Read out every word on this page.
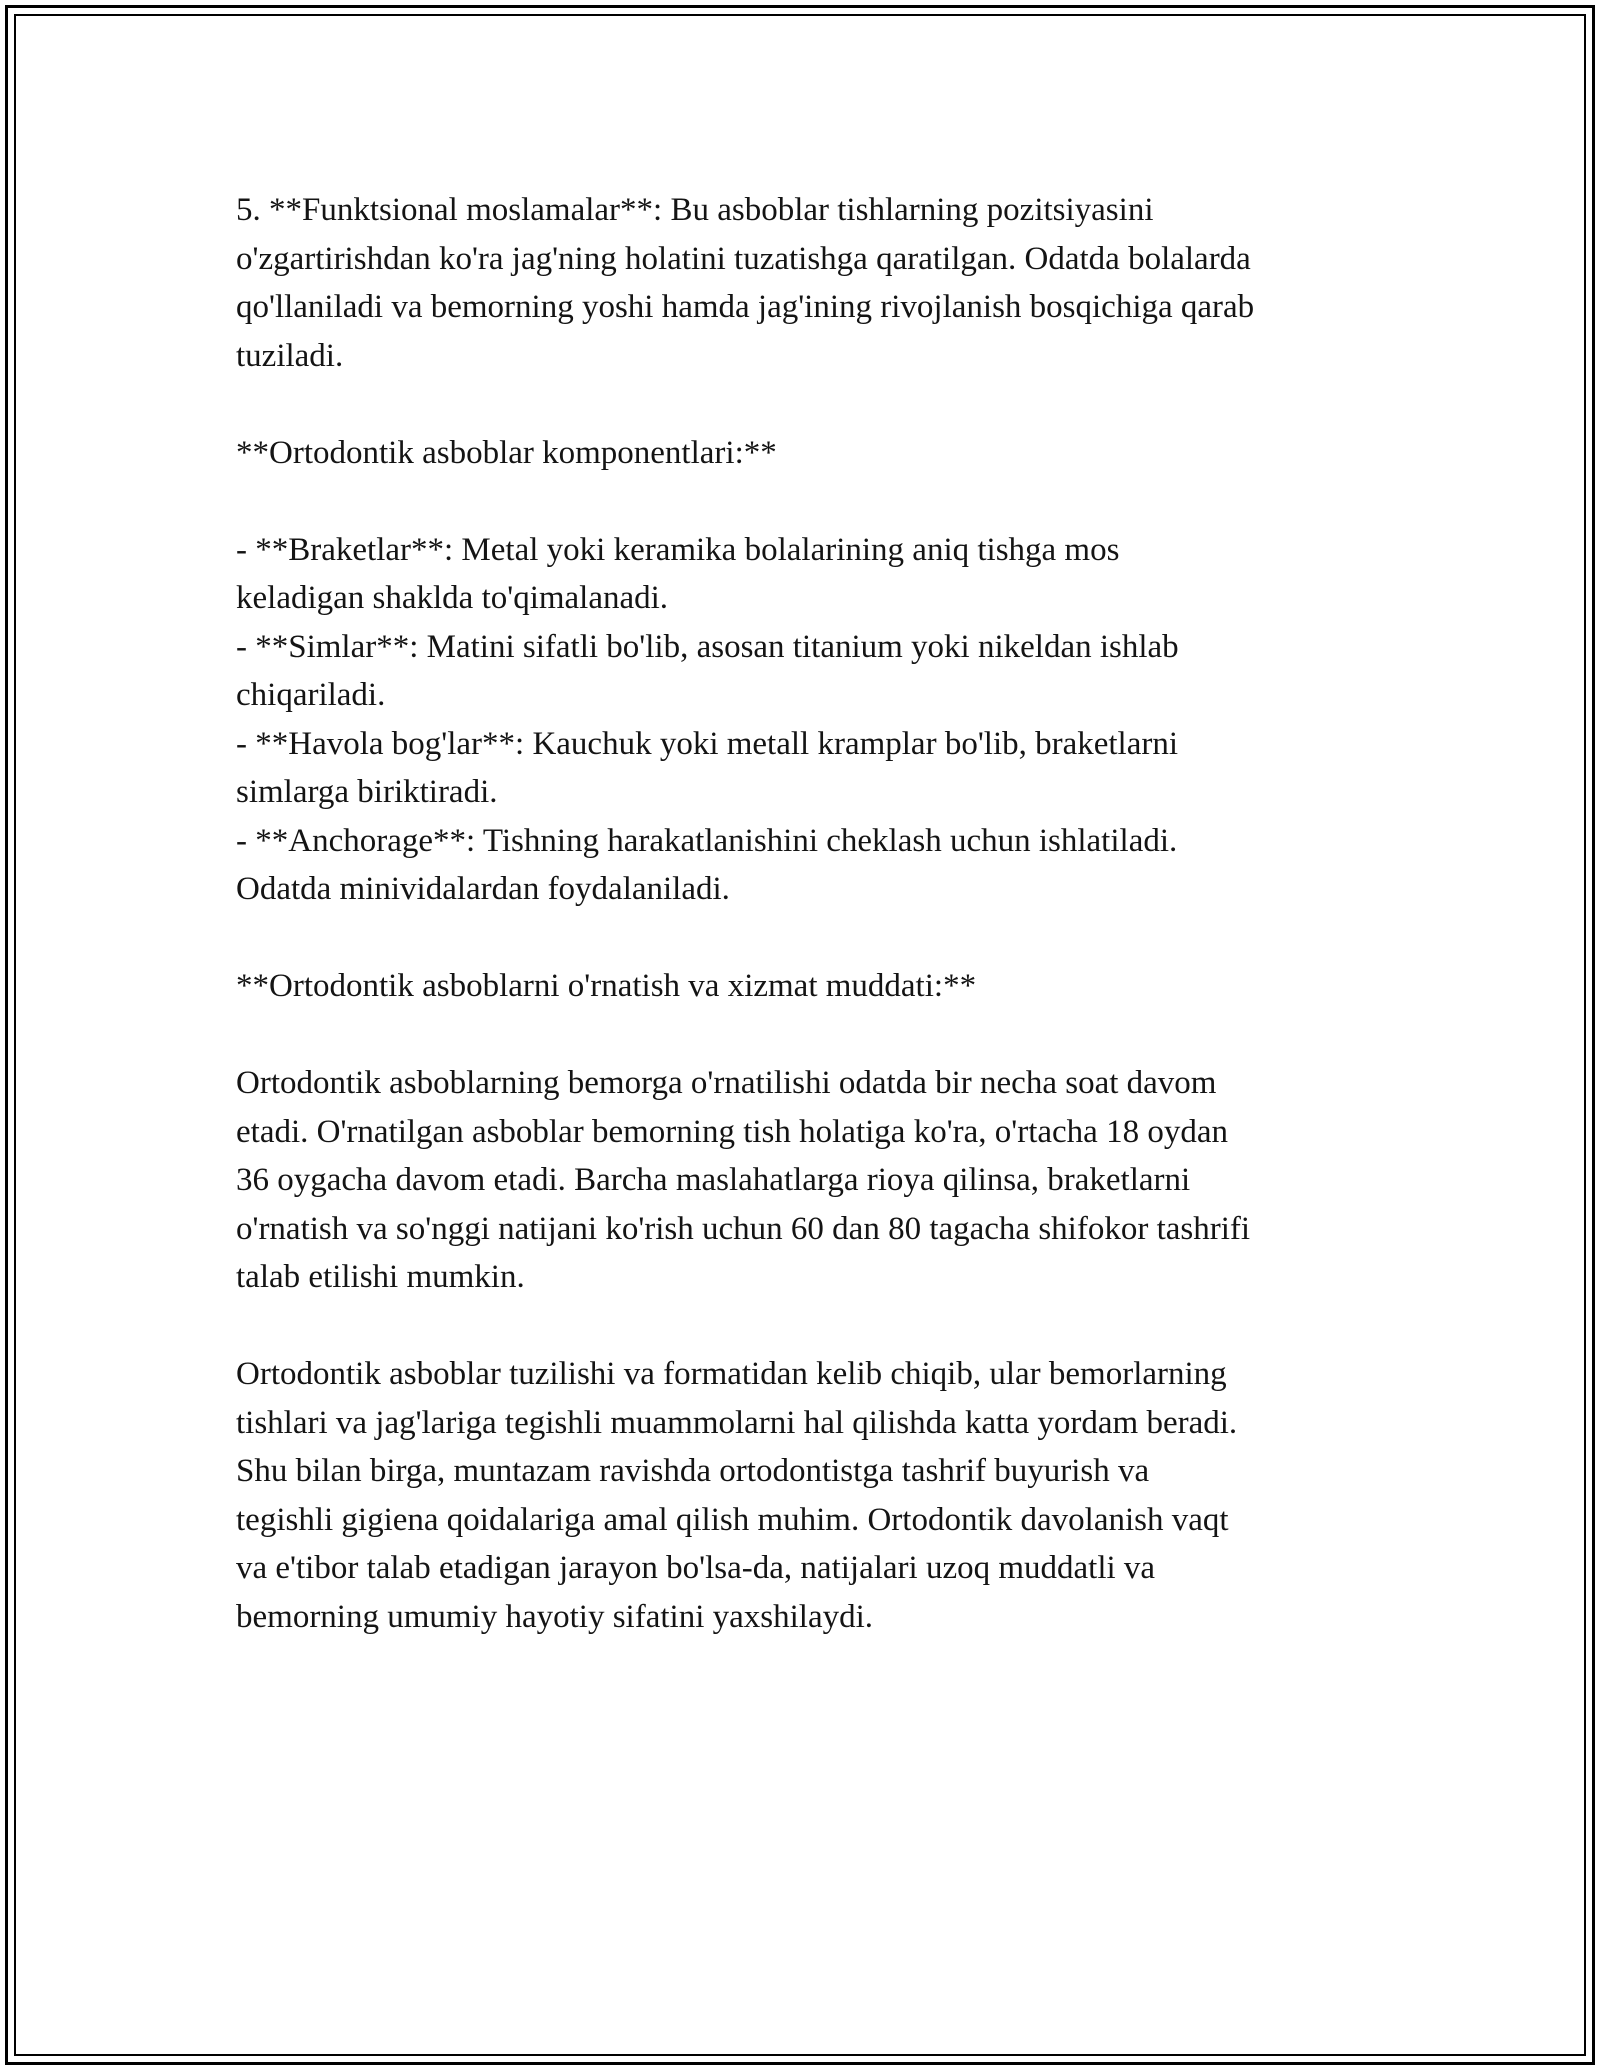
5. **Funktsional moslamalar**: Bu asboblar tishlarning pozitsiyasini
o'zgartirishdan ko'ra jag'ning holatini tuzatishga qaratilgan. Odatda bolalarda
qo'llaniladi va bemorning yoshi hamda jag'ining rivojlanish bosqichiga qarab
tuziladi.
**Ortodontik asboblar komponentlari:**
- **Braketlar**: Metal yoki keramika bolalarining aniq tishga mos
keladigan shaklda to'qimalanadi.
- **Simlar**: Matini sifatli bo'lib, asosan titanium yoki nikeldan ishlab
chiqariladi.
- **Havola bog'lar**: Kauchuk yoki metall kramplar bo'lib, braketlarni
simlarga biriktiradi.
- **Anchorage**: Tishning harakatlanishini cheklash uchun ishlatiladi.
Odatda minividalardan foydalaniladi.
**Ortodontik asboblarni o'rnatish va xizmat muddati:**
Ortodontik asboblarning bemorga o'rnatilishi odatda bir necha soat davom
etadi. O'rnatilgan asboblar bemorning tish holatiga ko'ra, o'rtacha 18 oydan
36 oygacha davom etadi. Barcha maslahatlarga rioya qilinsa, braketlarni
o'rnatish va so'nggi natijani ko'rish uchun 60 dan 80 tagacha shifokor tashrifi
talab etilishi mumkin.
Ortodontik asboblar tuzilishi va formatidan kelib chiqib, ular bemorlarning
tishlari va jag'lariga tegishli muammolarni hal qilishda katta yordam beradi.
Shu bilan birga, muntazam ravishda ortodontistga tashrif buyurish va
tegishli gigiena qoidalariga amal qilish muhim. Ortodontik davolanish vaqt
va e'tibor talab etadigan jarayon bo'lsa-da, natijalari uzoq muddatli va
bemorning umumiy hayotiy sifatini yaxshilaydi.
